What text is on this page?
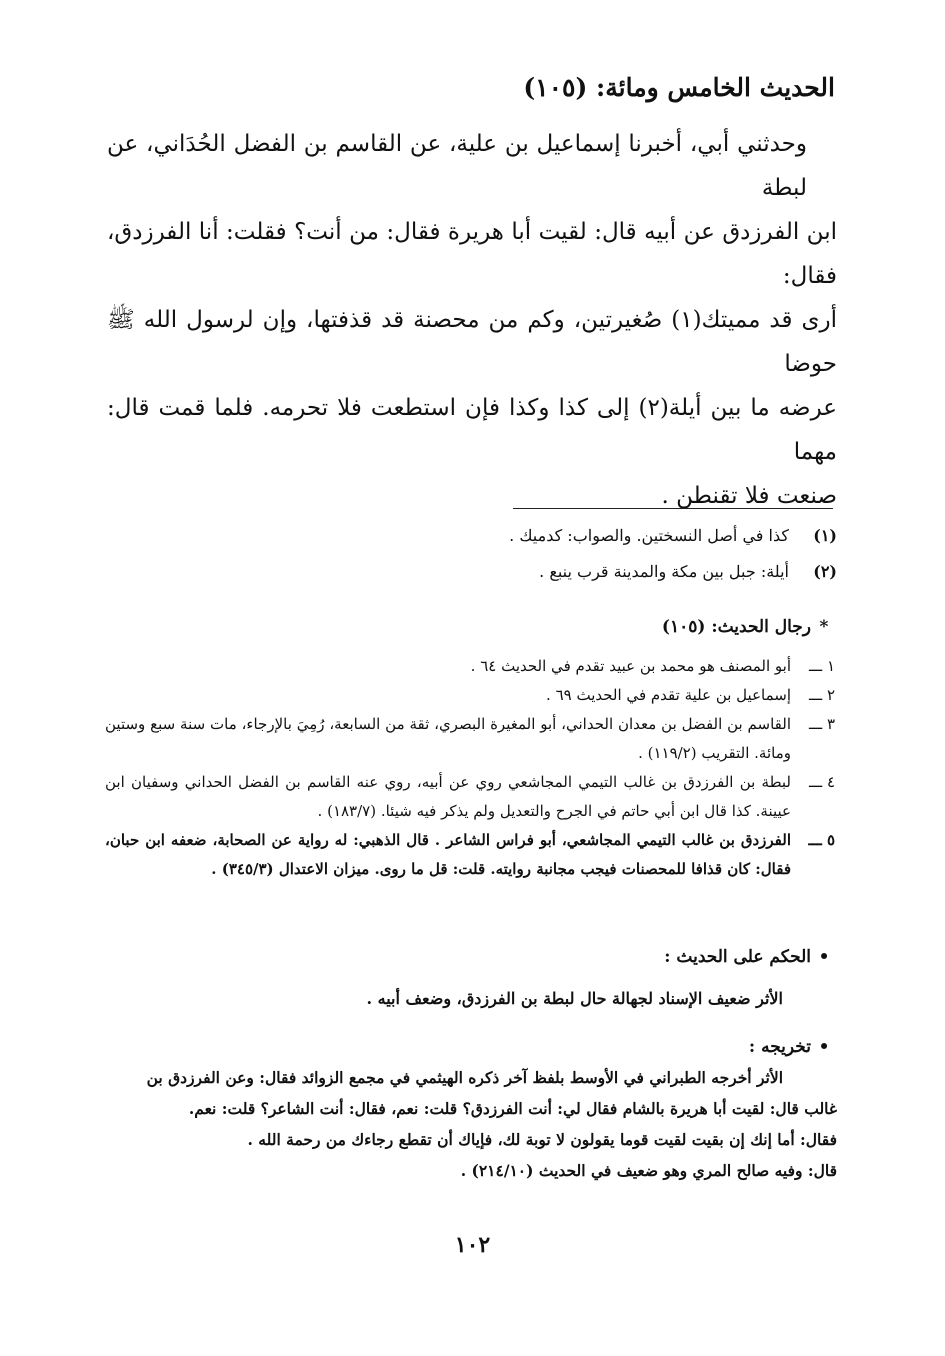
الحديث الخامس ومائة: (١٠٥)
وحدثني أبي، أخبرنا إسماعيل بن علية، عن القاسم بن الفضل الحُدَاني، عن لبطة
ابن الفرزدق عن أبيه قال: لقيت أبا هريرة فقال: من أنت؟ فقلت: أنا الفرزدق، فقال:
أرى قد مميتك(١) صُغيرتين، وكم من محصنة قد قذفتها، وإن لرسول الله ﷺ حوضا
عرضه ما بين أيلة(٢) إلى كذا وكذا فإن استطعت فلا تحرمه. فلما قمت قال: مهما
صنعت فلا تقنطن .
(١)
كذا في أصل النسختين. والصواب: كدميك .
(٢)
أيلة: جبل بين مكة والمدينة قرب ينبع .
*
رجال الحديث: (١٠٥)
١ ـــ
أبو المصنف هو محمد بن عبيد تقدم في الحديث ٦٤ .
٢ ـــ
إسماعيل بن علية تقدم في الحديث ٦٩ .
٣ ـــ
القاسم بن الفضل بن معدان الحداني، أبو المغيرة البصري، ثقة من السابعة، رُمِيَ بالإرجاء، مات سنة سبع وستين ومائة. التقريب (١١٩/٢) .
٤ ـــ
لبطة بن الفرزدق بن غالب التيمي المجاشعي روي عن أبيه، روي عنه القاسم بن الفضل الحداني وسفيان ابن عيينة. كذا قال ابن أبي حاتم في الجرح والتعديل ولم يذكر فيه شيئا. (١٨٣/٧) .
٥ ـــ
الفرزدق بن غالب التيمي المجاشعي، أبو فراس الشاعر . قال الذهبي: له رواية عن الصحابة، ضعفه ابن حبان، فقال: كان قذافا للمحصنات فيجب مجانبة روايته. قلت: قل ما روى. ميزان الاعتدال (٣٤٥/٣) .
•
الحكم على الحديث :
الأثر ضعيف الإسناد لجهالة حال لبطة بن الفرزدق، وضعف أبيه .
•
تخريجه :
الأثر أخرجه الطبراني في الأوسط بلفظ آخر ذكره الهيثمي في مجمع الزوائد فقال: وعن الفرزدق بن
غالب قال: لقيت أبا هريرة بالشام فقال لي: أنت الفرزدق؟ قلت: نعم، فقال: أنت الشاعر؟ قلت: نعم.
فقال: أما إنك إن بقيت لقيت قوما يقولون لا توبة لك، فإياك أن تقطع رجاءك من رحمة الله .
قال: وفيه صالح المري وهو ضعيف في الحديث (٢١٤/١٠) .
١٠٢
